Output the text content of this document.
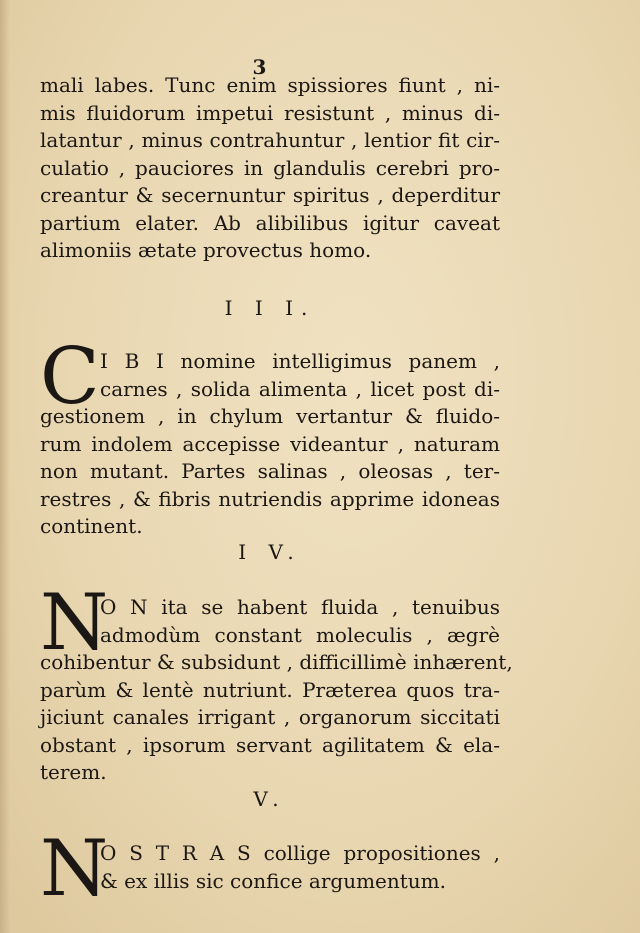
3
mali labes. Tunc enim spissiores fiunt , ni-
mis fluidorum impetui resistunt , minus di-
latantur , minus contrahuntur , lentior fit cir-
culatio , pauciores in glandulis cerebri pro-
creantur & secernuntur spiritus , deperditur
partium elater. Ab alibilibus igitur caveat
alimoniis ætate provectus homo.
I I I.
C I B I nomine intelligimus panem ,
carnes , solida alimenta , licet post di-
gestionem , in chylum vertantur & fluido-
rum indolem accepisse videantur , naturam
non mutant. Partes salinas , oleosas , ter-
restres , & fibris nutriendis apprime idoneas
continent.
I V.
N
O N ita se habent fluida , tenuibus
admodùm constant moleculis , ægrè
cohibentur & subsidunt , difficillimè inhærent,
parùm & lentè nutriunt. Præterea quos tra-
jiciunt canales irrigant , organorum siccitati
obstant , ipsorum servant agilitatem & ela-
terem.
V.
N
O S T R A S collige propositiones ,
& ex illis sic confice argumentum.
